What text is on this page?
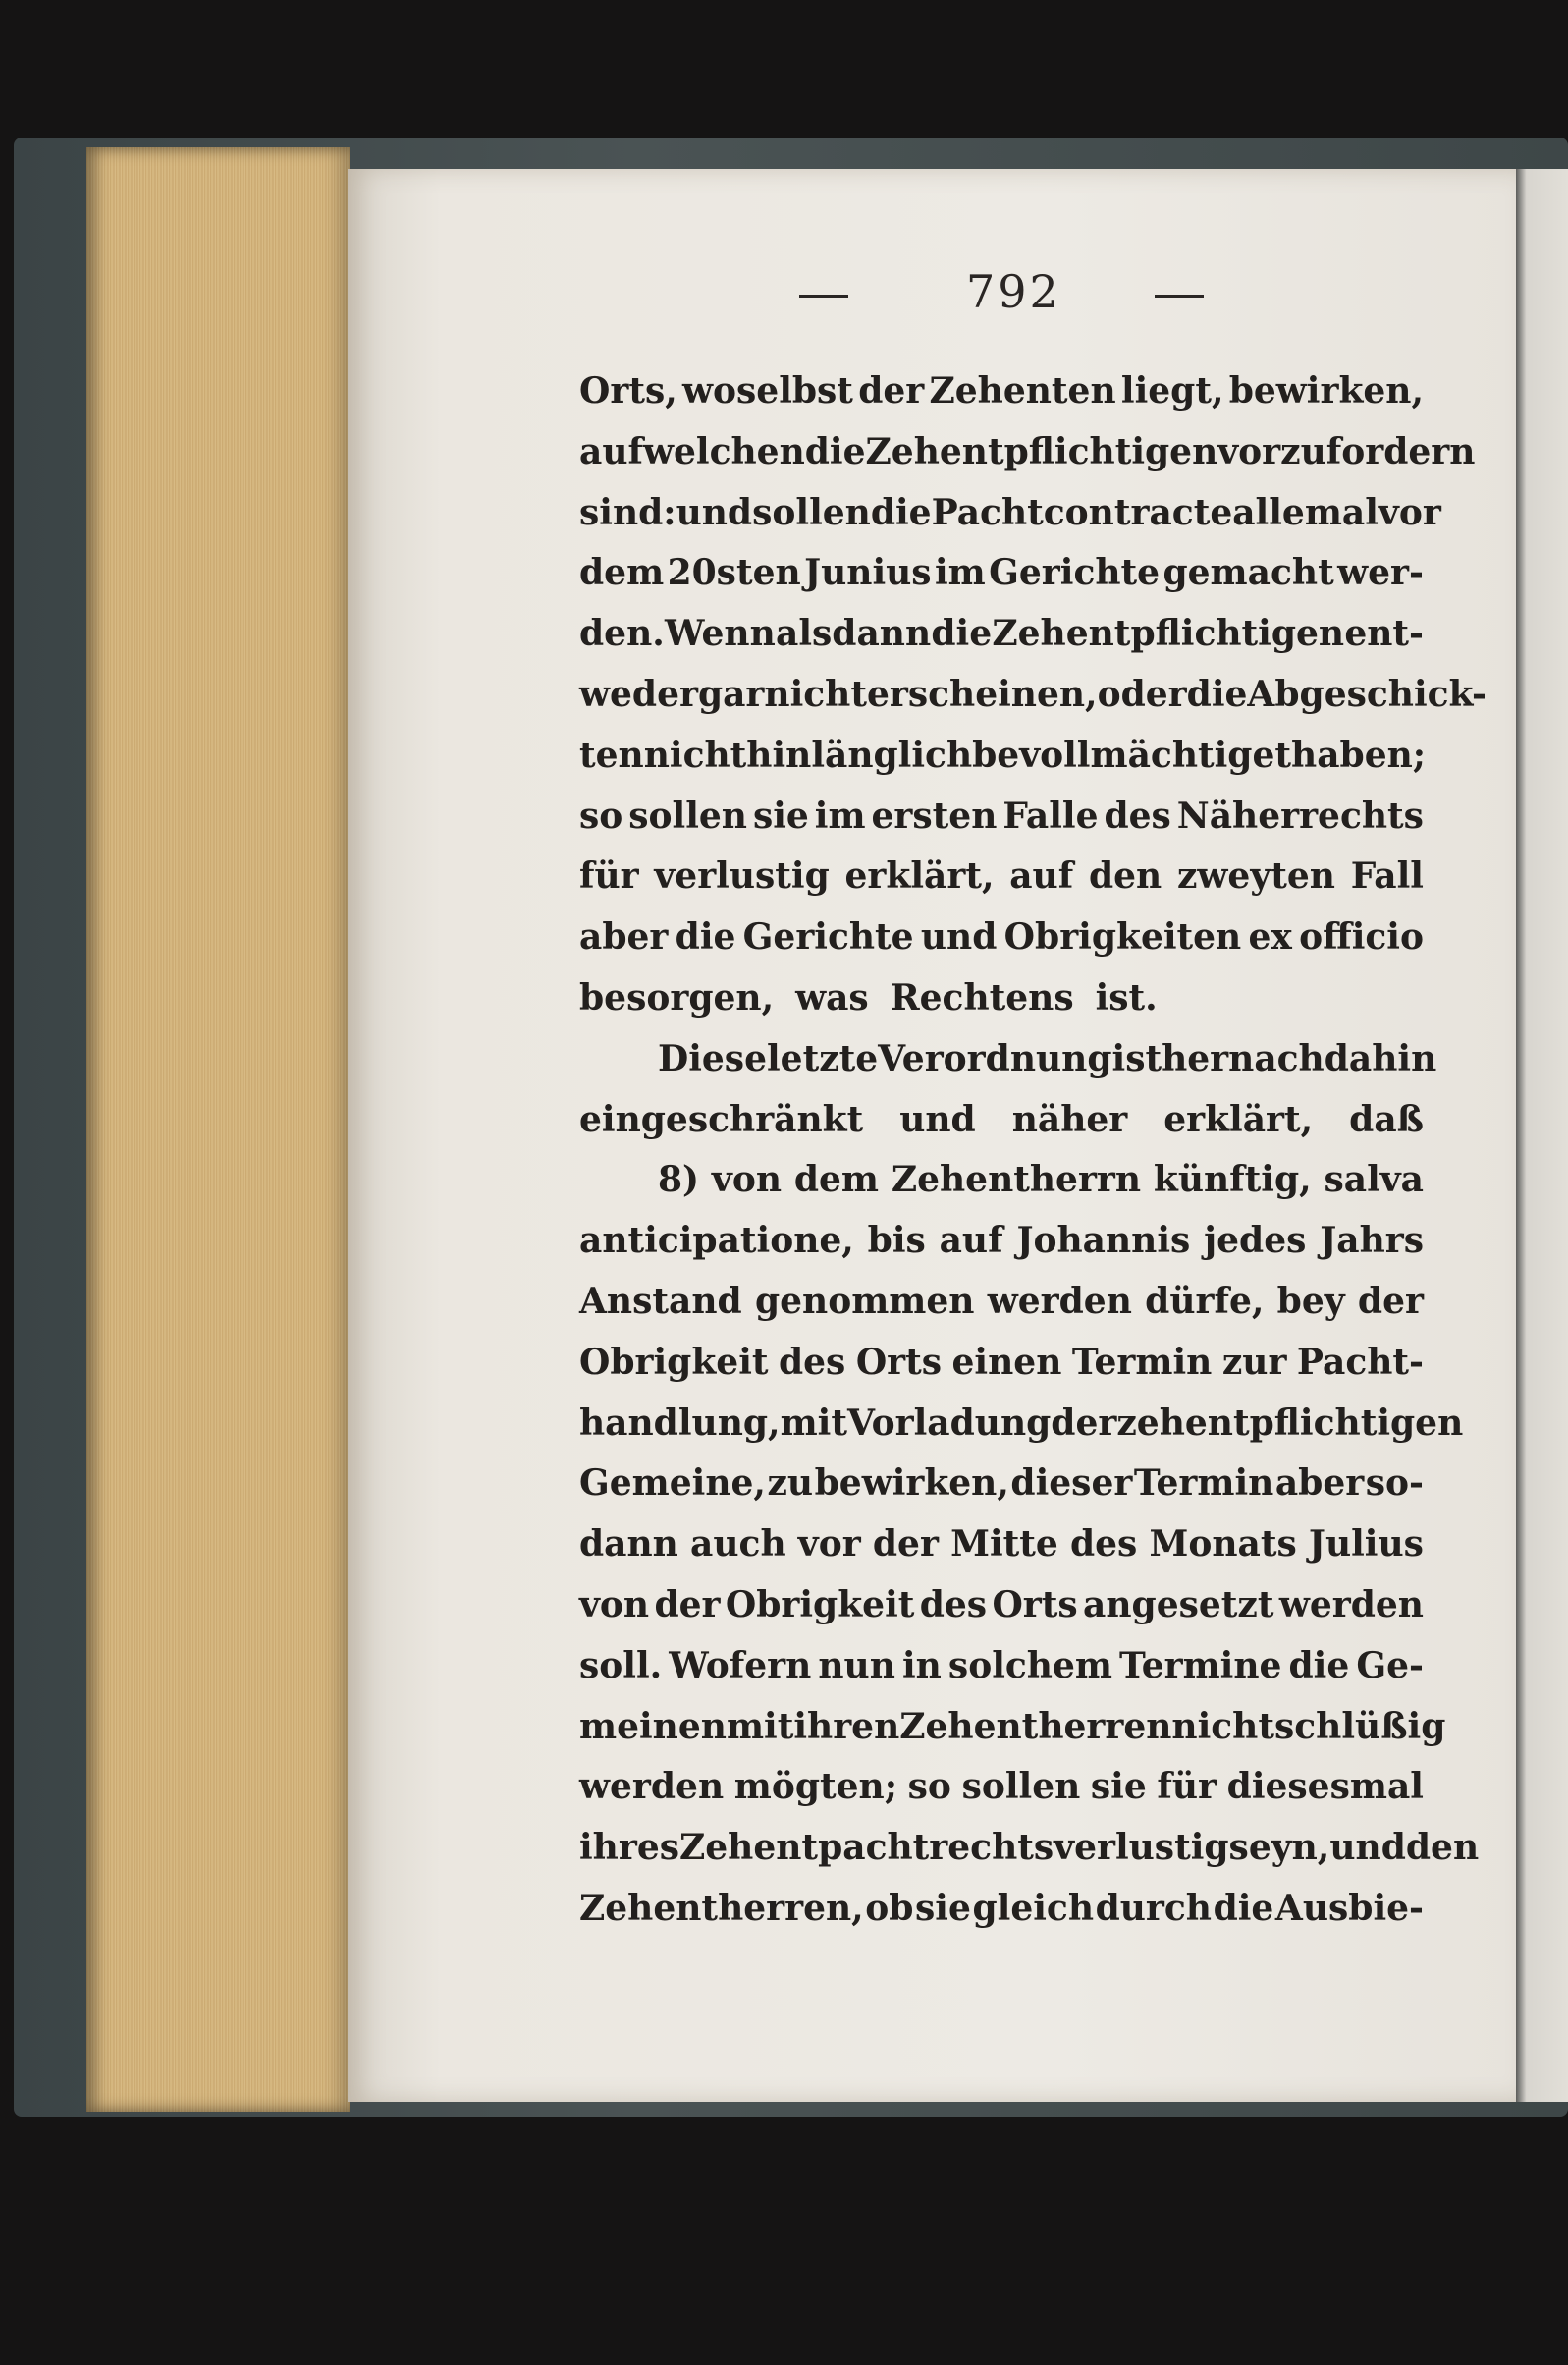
792
Orts, woselbst der Zehenten liegt, bewirken,
auf welchen die Zehentpflichtigen vorzufordern
sind: und sollen die Pachtcontracte allemal vor
dem 20sten Junius im Gerichte gemacht wer-
den. Wenn alsdann die Zehentpflichtigen ent-
weder gar nicht erscheinen, oder die Abgeschick-
ten nicht hinlänglich bevollmächtiget haben;
so sollen sie im ersten Falle des Näherrechts
für verlustig erklärt, auf den zweyten Fall
aber die Gerichte und Obrigkeiten ex officio
besorgen, was Rechtens ist.
Diese letzte Verordnung ist hernach dahin
eingeschränkt und näher erklärt, daß
8) von dem Zehentherrn künftig, salva
anticipatione, bis auf Johannis jedes Jahrs
Anstand genommen werden dürfe, bey der
Obrigkeit des Orts einen Termin zur Pacht-
handlung, mit Vorladung der zehentpflichtigen
Gemeine, zu bewirken, dieser Termin aber so-
dann auch vor der Mitte des Monats Julius
von der Obrigkeit des Orts angesetzt werden
soll. Wofern nun in solchem Termine die Ge-
meinen mit ihren Zehentherren nicht schlüßig
werden mögten; so sollen sie für diesesmal
ihres Zehentpachtrechts verlustig seyn, und den
Zehentherren, ob sie gleich durch die Ausbie-
